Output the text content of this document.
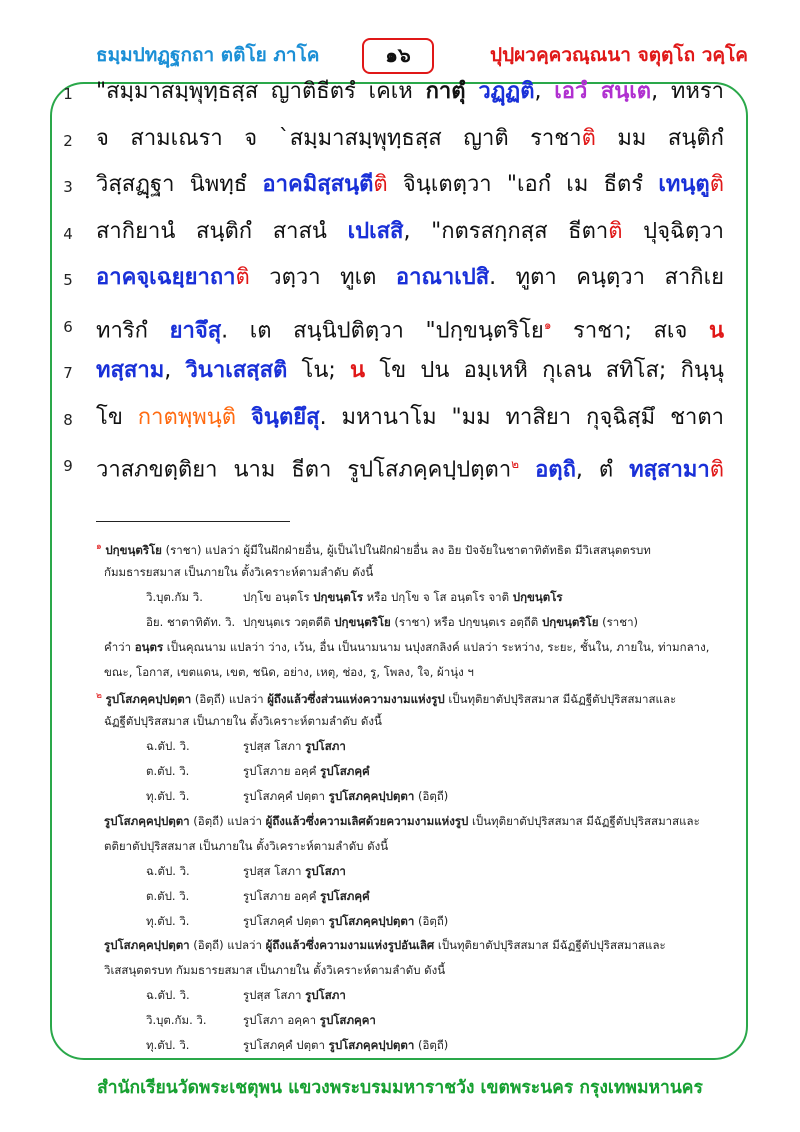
ธมฺมปทฏฺฐกถา ตติโย ภาโค	๑๖	ปุปฺผวคฺควณฺณนา จตุตฺโถ วคฺโค
1	"สมฺมาสมฺพุทฺธสฺส ญาติธีตรํ เคเห กาตุํ วฏฺฏติ, เอวํ สนฺเต, ทหรา
2	จ สามเณรา จ `สมฺมาสมฺพุทฺธสฺส ญาติ ราชาติ มม สนฺติกํ
3	วิสฺสฏฺฐา นิพทฺธํ อาคมิสฺสนฺตีติ จินฺเตตฺวา "เอกํ เม ธีตรํ เทนฺตูติ
4	สากิยานํ สนฺติกํ สาสนํ เปเสสิ, "กตรสกฺกสฺส ธีตาติ ปุจฺฉิตฺวา
5	อาคจฺเฉยฺยาถาติ วตฺวา ทูเต อาณาเปสิ. ทูตา คนฺตฺวา สากิเย
6	ทาริกํ ยาจึสุ. เต สนฺนิปติตฺวา "ปกฺขนฺตริโย$^๑$ ราชา; สเจ น
7	ทสฺสาม, วินาเสสฺสติ โน; น โข ปน อมฺเหหิ กุเลน สทิโส; กินฺนุ
8	โข กาตพฺพนฺติ จินฺตยึสุ. มหานาโม "มม ทาสิยา กุจฺฉิสฺมึ ชาตา
9	วาสภขตฺติยา นาม ธีตา รูปโสภคฺคปฺปตฺตา$^๒$ อตฺถิ, ตํ ทสฺสามาติ
$^๑$ ปกฺขนฺตริโย (ราชา) แปลว่า ผู้มีในฝักฝ่ายอื่น, ผู้เป็นไปในฝักฝ่ายอื่น ลง อิย ปัจจัยในชาตาทิตัทธิต มีวิเสสนุตตรบท
กัมมธารยสมาส เป็นภายใน ตั้งวิเคราะห์ตามลำดับ ดังนี้
วิ.บุต.กัม วิ.	ปกฺโข อนฺตโร ปกฺขนฺตโร หรือ ปกฺโข จ โส อนฺตโร จาติ ปกฺขนฺตโร
อิย. ชาตาทิตัท. วิ. ปกฺขนฺตเร วตฺตตีติ ปกฺขนฺตริโย (ราชา) หรือ ปกฺขนฺตเร อตฺถีติ ปกฺขนฺตริโย (ราชา)
คำว่า อนฺตร เป็นคุณนาม แปลว่า ว่าง, เว้น, อื่น เป็นนามนาม นปุงสกลิงค์ แปลว่า ระหว่าง, ระยะ, ชั้นใน, ภายใน, ท่ามกลาง,
ขณะ, โอกาส, เขตแดน, เขต, ชนิด, อย่าง, เหตุ, ช่อง, รู, โพลง, ใจ, ผ้านุ่ง ฯ
$^๒$ รูปโสภคฺคปฺปตฺตา (อิตฺถี) แปลว่า ผู้ถึงแล้วซึ่งส่วนแห่งความงามแห่งรูป เป็นทุติยาตัปปุริสสมาส มีฉัฏฐีตัปปุริสสมาสและ
ฉัฏฐีตัปปุริสสมาส เป็นภายใน ตั้งวิเคราะห์ตามลำดับ ดังนี้
ฉ.ตัป. วิ.	รูปสฺส โสภา รูปโสภา
ต.ตัป. วิ.	รูปโสภาย อคฺคํ รูปโสภคฺคํ
ทุ.ตัป. วิ.	รูปโสภคฺคํ ปตฺตา รูปโสภคฺคปฺปตฺตา (อิตฺถี)
รูปโสภคฺคปฺปตฺตา (อิตฺถี) แปลว่า ผู้ถึงแล้วซึ่งความเลิศด้วยความงามแห่งรูป เป็นทุติยาตัปปุริสสมาส มีฉัฏฐีตัปปุริสสมาสและ
ตติยาตัปปุริสสมาส เป็นภายใน ตั้งวิเคราะห์ตามลำดับ ดังนี้
ฉ.ตัป. วิ.	รูปสฺส โสภา รูปโสภา
ต.ตัป. วิ.	รูปโสภาย อคฺคํ รูปโสภคฺคํ
ทุ.ตัป. วิ.	รูปโสภคฺคํ ปตฺตา รูปโสภคฺคปฺปตฺตา (อิตฺถี)
รูปโสภคฺคปฺปตฺตา (อิตฺถี) แปลว่า ผู้ถึงแล้วซึ่งความงามแห่งรูปอันเลิศ เป็นทุติยาตัปปุริสสมาส มีฉัฏฐีตัปปุริสสมาสและ
วิเสสนุตตรบท กัมมธารยสมาส เป็นภายใน ตั้งวิเคราะห์ตามลำดับ ดังนี้
ฉ.ตัป. วิ.	รูปสฺส โสภา รูปโสภา
วิ.บุต.กัม. วิ.	รูปโสภา อคฺคา รูปโสภคฺคา
ทุ.ตัป. วิ.	รูปโสภคฺคํ ปตฺตา รูปโสภคฺคปฺปตฺตา (อิตฺถี)
สำนักเรียนวัดพระเชตุพน แขวงพระบรมมหาราชวัง เขตพระนคร กรุงเทพมหานคร
